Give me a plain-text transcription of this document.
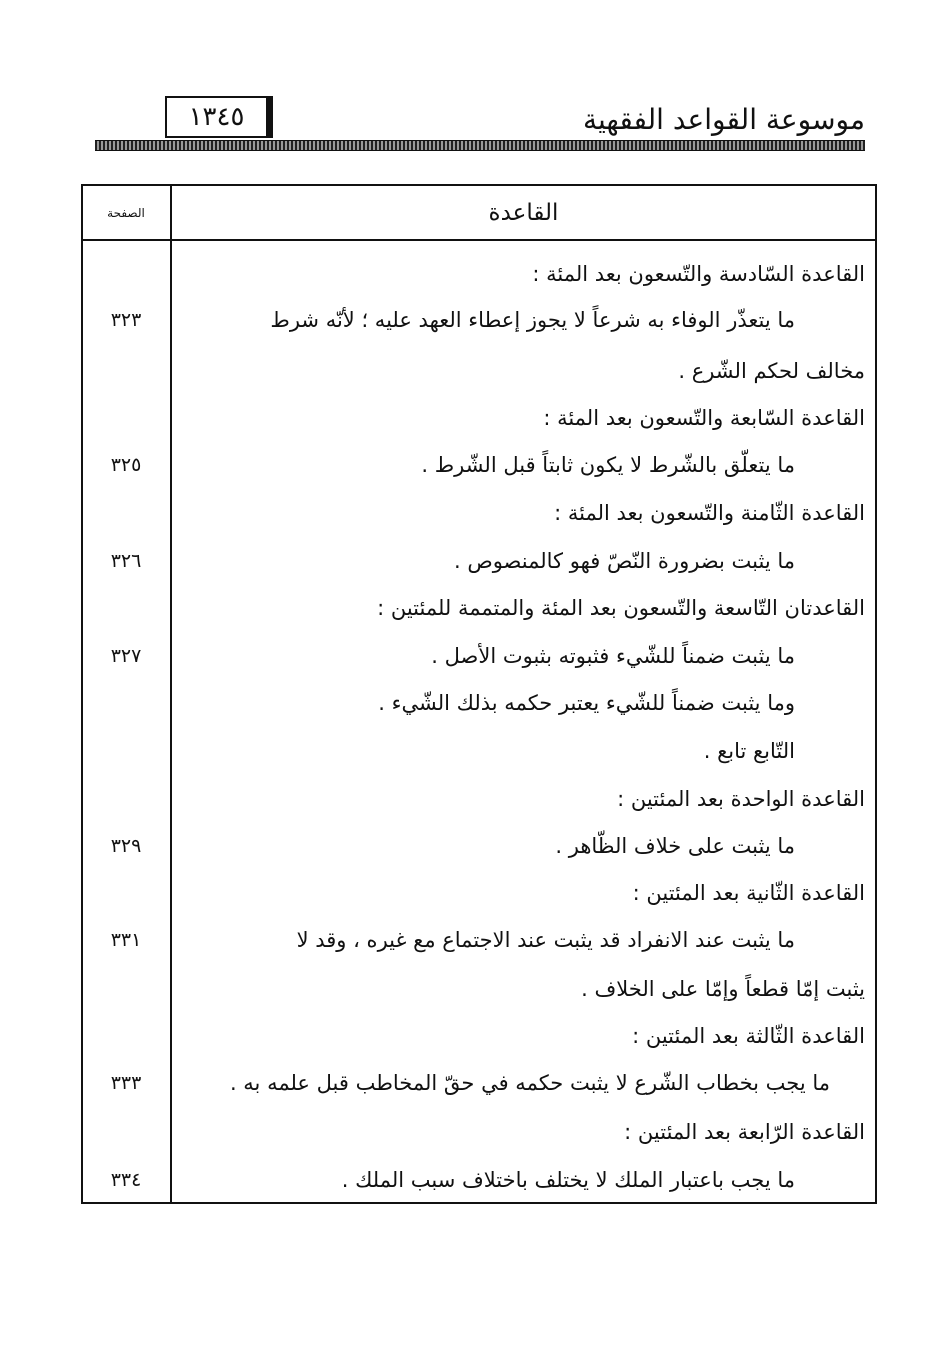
موسوعة القواعد الفقهية
١٣٤٥
القاعدة
الصفحة
القاعدة السّادسة والتّسعون بعد المئة :
ما يتعذّر الوفاء به شرعاً لا يجوز إعطاء العهد عليه ؛ لأنّه شرط
٣٢٣
مخالف لحكم الشّرع .
القاعدة السّابعة والتّسعون بعد المئة :
ما يتعلّق بالشّرط لا يكون ثابتاً قبل الشّرط .
٣٢٥
القاعدة الثّامنة والتّسعون بعد المئة :
ما يثبت بضرورة النّصّ فهو كالمنصوص .
٣٢٦
القاعدتان التّاسعة والتّسعون بعد المئة والمتممة للمئتين :
ما يثبت ضمناً للشّيء فثبوته بثبوت الأصل .
٣٢٧
وما يثبت ضمناً للشّيء يعتبر حكمه بذلك الشّيء .
التّابع تابع .
القاعدة الواحدة بعد المئتين :
ما يثبت على خلاف الظّاهر .
٣٢٩
القاعدة الثّانية بعد المئتين :
ما يثبت عند الانفراد قد يثبت عند الاجتماع مع غيره ، وقد لا
٣٣١
يثبت إمّا قطعاً وإمّا على الخلاف .
القاعدة الثّالثة بعد المئتين :
ما يجب بخطاب الشّرع لا يثبت حكمه في حقّ المخاطب قبل علمه به .
٣٣٣
القاعدة الرّابعة بعد المئتين :
ما يجب باعتبار الملك لا يختلف باختلاف سبب الملك .
٣٣٤
